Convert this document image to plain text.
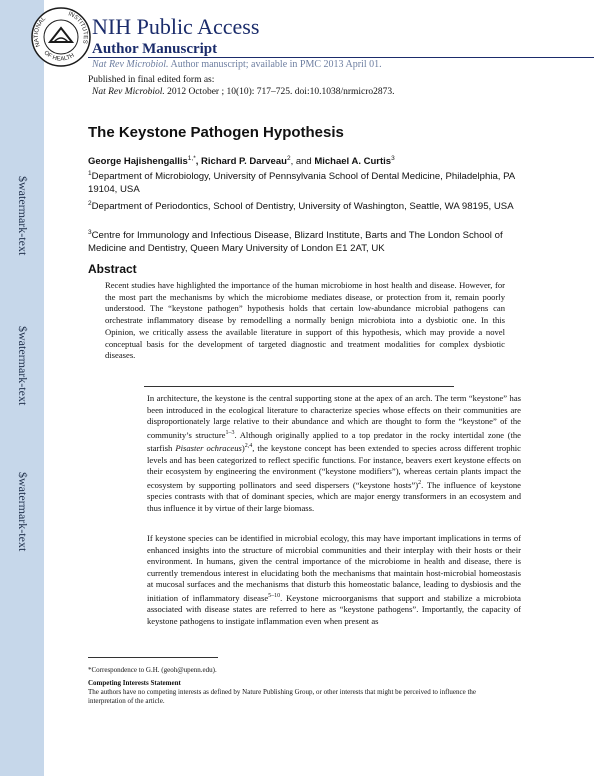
$watermark-text
$watermark-text
$watermark-text
NATIONAL
INSTITUTES
OF HEALTH
NIH Public Access
Author Manuscript
Nat Rev Microbiol. Author manuscript; available in PMC 2013 April 01.
Published in final edited form as:
Nat Rev Microbiol. 2012 October ; 10(10): 717–725. doi:10.1038/nrmicro2873.
The Keystone Pathogen Hypothesis
George Hajishengallis$^{1,*}$, Richard P. Darveau$^2$, and Michael A. Curtis$^3$
$^1$Department of Microbiology, University of Pennsylvania School of Dental Medicine, Philadelphia, PA 19104, USA
$^2$Department of Periodontics, School of Dentistry, University of Washington, Seattle, WA 98195, USA
$^3$Centre for Immunology and Infectious Disease, Blizard Institute, Barts and The London School of Medicine and Dentistry, Queen Mary University of London E1 2AT, UK
Abstract
Recent studies have highlighted the importance of the human microbiome in host health and disease. However, for the most part the mechanisms by which the microbiome mediates disease, or protection from it, remain poorly understood. The “keystone pathogen” hypothesis holds that certain low-abundance microbial pathogens can orchestrate inflammatory disease by remodelling a normally benign microbiota into a dysbiotic one. In this Opinion, we critically assess the available literature in support of this hypothesis, which may provide a novel conceptual basis for the development of targeted diagnostic and treatment modalities for complex dysbiotic diseases.
In architecture, the keystone is the central supporting stone at the apex of an arch. The term “keystone” has been introduced in the ecological literature to characterize species whose effects on their communities are disproportionately large relative to their abundance and which are thought to form the “keystone” of the community’s structure$^{1-3}$. Although originally applied to a top predator in the rocky intertidal zone (the starfish Pisaster ochraceus)$^{2,4}$, the keystone concept has been extended to species across different trophic levels and has been categorized to reflect specific functions. For instance, beavers exert keystone effects on their ecosystem by engineering the environment (“keystone modifiers”), whereas certain plants impact the ecosystem by supporting pollinators and seed dispersers (“keystone hosts”)$^2$. The influence of keystone species contrasts with that of dominant species, which are major energy transformers in an ecosystem and thus influence it by virtue of their large biomass.
If keystone species can be identified in microbial ecology, this may have important implications in terms of enhanced insights into the structure of microbial communities and their interplay with their hosts or their environment. In humans, given the central importance of the microbiome in health and disease, there is currently tremendous interest in elucidating both the mechanisms that maintain host-microbial homeostasis at mucosal surfaces and the mechanisms that disturb this homeostatic balance, leading to dysbiosis and the initiation of inflammatory disease$^{5-10}$. Keystone microorganisms that support and stabilize a microbiota associated with disease states are referred to here as “keystone pathogens”. Importantly, the capacity of keystone pathogens to instigate inflammation even when present as
*Correspondence to G.H. (geoh@upenn.edu).
Competing Interests Statement
The authors have no competing interests as defined by Nature Publishing Group, or other interests that might be perceived to influence the interpretation of the article.
